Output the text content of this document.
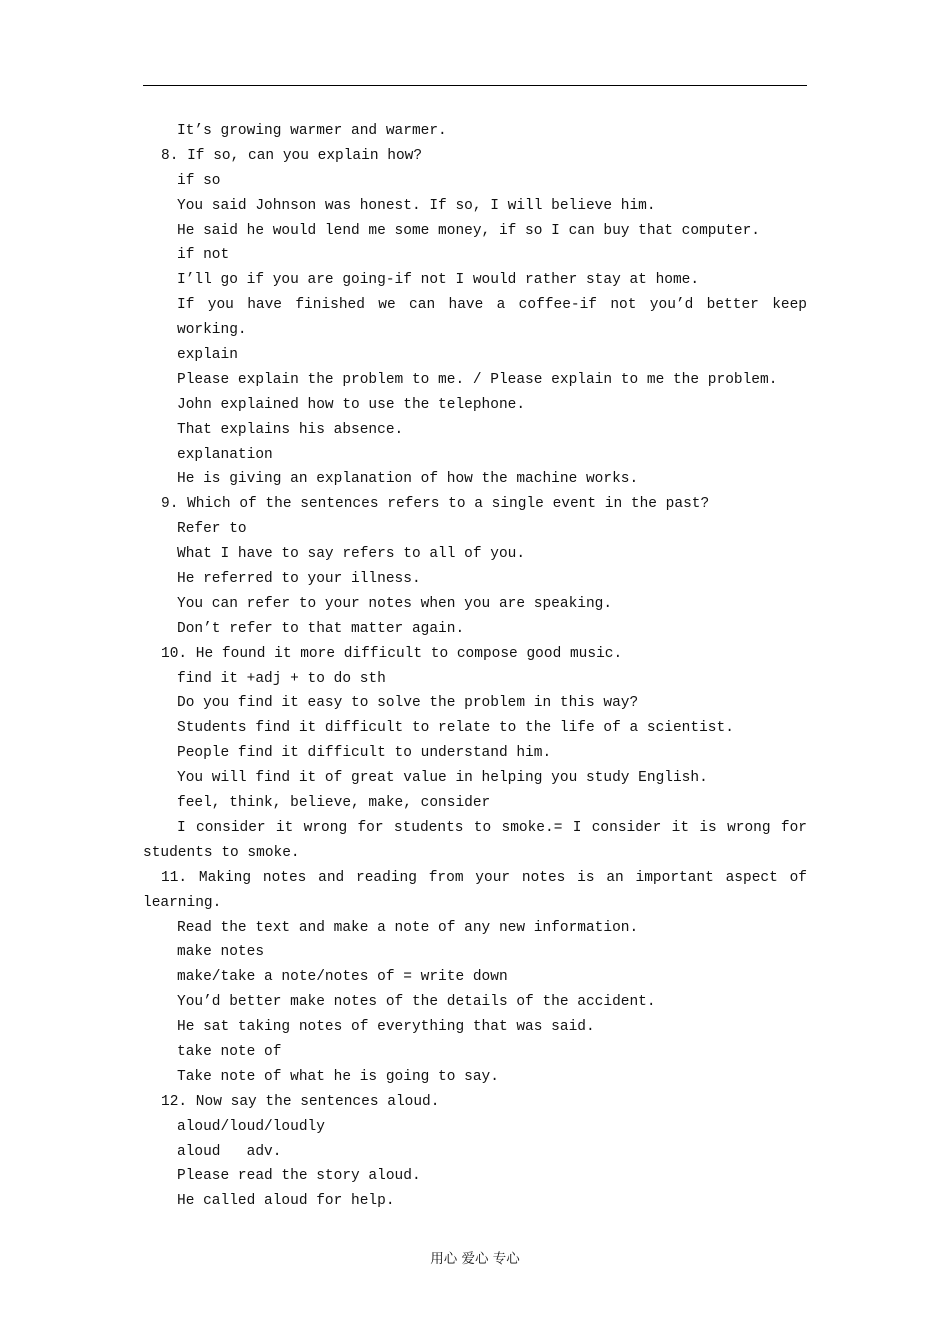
It’s growing warmer and warmer.
8. If so, can you explain how?
if so
You said Johnson was honest. If so, I will believe him.
He said he would lend me some money, if so I can buy that computer.
if not
I’ll go if you are going-if not I would rather stay at home.
If you have finished we can have a coffee-if not you’d better keep
working.
explain
Please explain the problem to me. / Please explain to me the problem.
John explained how to use the telephone.
That explains his absence.
explanation
He is giving an explanation of how the machine works.
9. Which of the sentences refers to a single event in the past?
Refer to
What I have to say refers to all of you.
He referred to your illness.
You can refer to your notes when you are speaking.
Don’t refer to that matter again.
10. He found it more difficult to compose good music.
find it +adj + to do sth
Do you find it easy to solve the problem in this way?
Students find it difficult to relate to the life of a scientist.
People find it difficult to understand him.
You will find it of great value in helping you study English.
feel, think, believe, make, consider
I consider it wrong for students to smoke.= I consider it is wrong for
students to smoke.
11. Making notes and reading from your notes is an important aspect of
learning.
Read the text and make a note of any new information.
make notes
make/take a note/notes of = write down
You’d better make notes of the details of the accident.
He sat taking notes of everything that was said.
take note of
Take note of what he is going to say.
12. Now say the sentences aloud.
aloud/loud/loudly
aloud   adv.
Please read the story aloud.
He called aloud for help.
用心 爱心 专心
